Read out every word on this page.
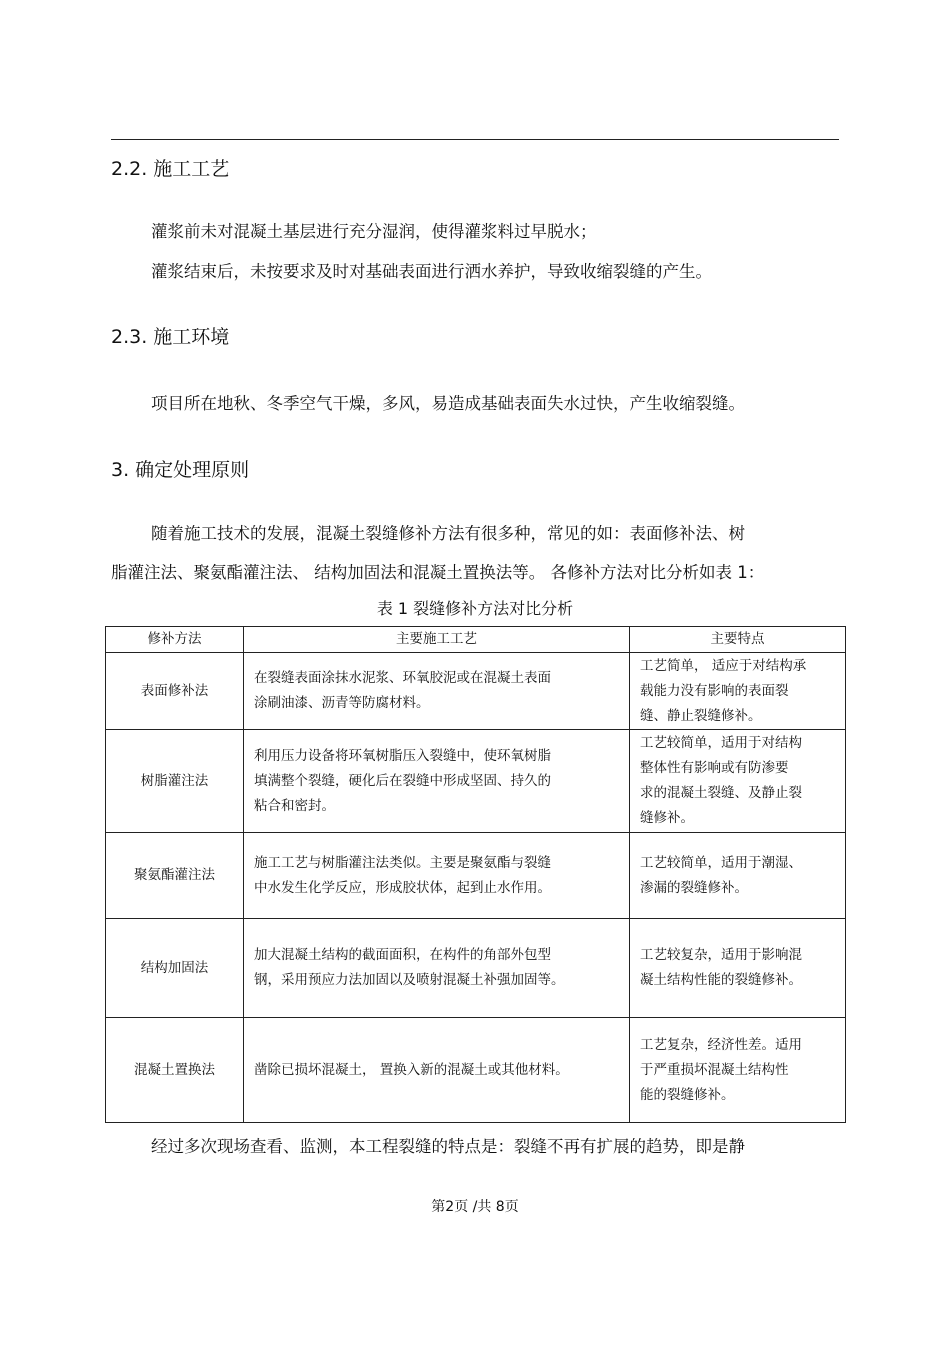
2.2. 施工工艺
灌浆前未对混凝土基层进行充分湿润，使得灌浆料过早脱水；
灌浆结束后，未按要求及时对基础表面进行洒水养护，导致收缩裂缝的产生。
2.3. 施工环境
项目所在地秋、冬季空气干燥，多风，易造成基础表面失水过快，产生收缩裂缝。
3. 确定处理原则
随着施工技术的发展，混凝土裂缝修补方法有很多种，常见的如：表面修补法、树
脂灌注法、聚氨酯灌注法、 结构加固法和混凝土置换法等。 各修补方法对比分析如表 1：
表 1 裂缝修补方法对比分析
修补方法	主要施工工艺	主要特点
表面修补法	在裂缝表面涂抹水泥浆、环氧胶泥或在混凝土表面
涂刷油漆、沥青等防腐材料。	工艺简单， 适应于对结构承
载能力没有影响的表面裂
缝、静止裂缝修补。

树脂灌注法	利用压力设备将环氧树脂压入裂缝中，使环氧树脂
填满整个裂缝，硬化后在裂缝中形成坚固、持久的
粘合和密封。	工艺较简单，适用于对结构
整体性有影响或有防渗要
求的混凝土裂缝、及静止裂
缝修补。

聚氨酯灌注法	施工工艺与树脂灌注法类似。主要是聚氨酯与裂缝
中水发生化学反应，形成胶状体，起到止水作用。	工艺较简单，适用于潮湿、
渗漏的裂缝修补。

结构加固法	加大混凝土结构的截面面积，在构件的角部外包型
钢，采用预应力法加固以及喷射混凝土补强加固等。	工艺较复杂，适用于影响混
凝土结构性能的裂缝修补。

混凝土置换法	凿除已损坏混凝土， 置换入新的混凝土或其他材料。	工艺复杂，经济性差。适用
于严重损坏混凝土结构性
能的裂缝修补。
经过多次现场查看、监测，本工程裂缝的特点是：裂缝不再有扩展的趋势，即是静
第2页 /共 8页
